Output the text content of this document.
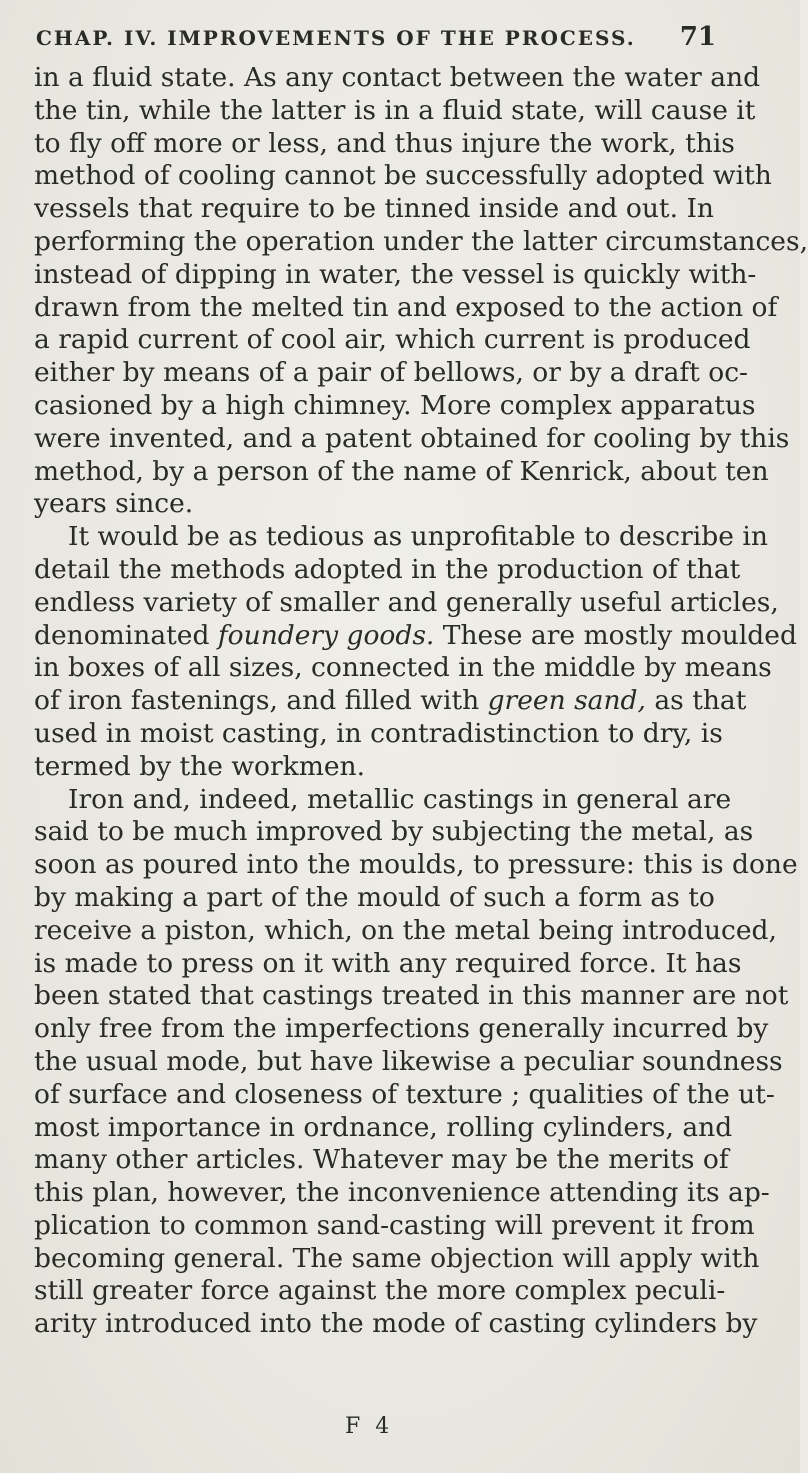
CHAP. IV. IMPROVEMENTS OF THE PROCESS. 71
in a fluid state. As any contact between the water and
the tin, while the latter is in a fluid state, will cause it
to fly off more or less, and thus injure the work, this
method of cooling cannot be successfully adopted with
vessels that require to be tinned inside and out. In
performing the operation under the latter circumstances,
instead of dipping in water, the vessel is quickly with-
drawn from the melted tin and exposed to the action of
a rapid current of cool air, which current is produced
either by means of a pair of bellows, or by a draft oc-
casioned by a high chimney. More complex apparatus
were invented, and a patent obtained for cooling by this
method, by a person of the name of Kenrick, about ten
years since.
It would be as tedious as unprofitable to describe in
detail the methods adopted in the production of that
endless variety of smaller and generally useful articles,
denominated foundery goods. These are mostly moulded
in boxes of all sizes, connected in the middle by means
of iron fastenings, and filled with green sand, as that
used in moist casting, in contradistinction to dry, is
termed by the workmen.
Iron and, indeed, metallic castings in general are
said to be much improved by subjecting the metal, as
soon as poured into the moulds, to pressure: this is done
by making a part of the mould of such a form as to
receive a piston, which, on the metal being introduced,
is made to press on it with any required force. It has
been stated that castings treated in this manner are not
only free from the imperfections generally incurred by
the usual mode, but have likewise a peculiar soundness
of surface and closeness of texture ; qualities of the ut-
most importance in ordnance, rolling cylinders, and
many other articles. Whatever may be the merits of
this plan, however, the inconvenience attending its ap-
plication to common sand-casting will prevent it from
becoming general. The same objection will apply with
still greater force against the more complex peculi-
arity introduced into the mode of casting cylinders by
F 4
